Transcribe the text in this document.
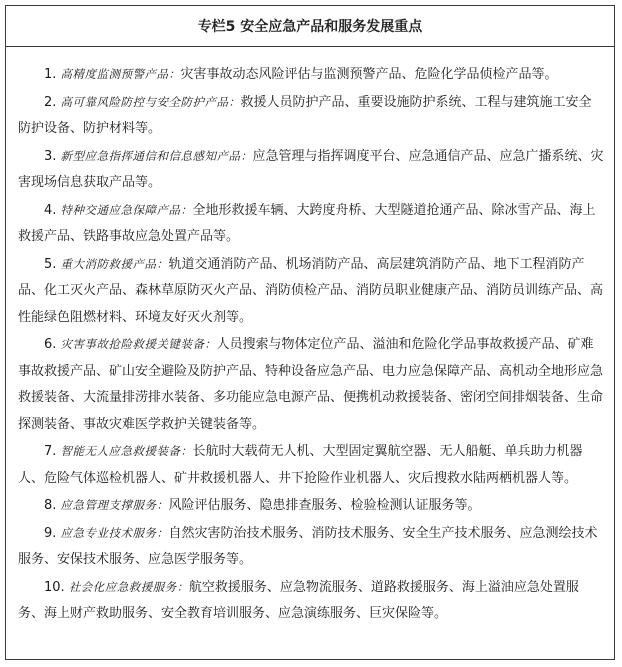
专栏5 安全应急产品和服务发展重点

1. 高精度监测预警产品：灾害事故动态风险评估与监测预警产品、危险化学品侦检产品等。

2. 高可靠风险防控与安全防护产品：救援人员防护产品、重要设施防护系统、工程与建筑施工安全防护设备、防护材料等。

3. 新型应急指挥通信和信息感知产品：应急管理与指挥调度平台、应急通信产品、应急广播系统、灾害现场信息获取产品等。

4. 特种交通应急保障产品：全地形救援车辆、大跨度舟桥、大型隧道抢通产品、除冰雪产品、海上救援产品、铁路事故应急处置产品等。

5. 重大消防救援产品：轨道交通消防产品、机场消防产品、高层建筑消防产品、地下工程消防产品、化工灭火产品、森林草原防灭火产品、消防侦检产品、消防员职业健康产品、消防员训练产品、高性能绿色阻燃材料、环境友好灭火剂等。

6. 灾害事故抢险救援关键装备：人员搜索与物体定位产品、溢油和危险化学品事故救援产品、矿难事故救援产品、矿山安全避险及防护产品、特种设备应急产品、电力应急保障产品、高机动全地形应急救援装备、大流量排涝排水装备、多功能应急电源产品、便携机动救援装备、密闭空间排烟装备、生命探测装备、事故灾难医学救护关键装备等。

7. 智能无人应急救援装备：长航时大载荷无人机、大型固定翼航空器、无人船艇、单兵助力机器人、危险气体巡检机器人、矿井救援机器人、井下抢险作业机器人、灾后搜救水陆两栖机器人等。

8. 应急管理支撑服务：风险评估服务、隐患排查服务、检验检测认证服务等。

9. 应急专业技术服务：自然灾害防治技术服务、消防技术服务、安全生产技术服务、应急测绘技术服务、安保技术服务、应急医学服务等。

10. 社会化应急救援服务：航空救援服务、应急物流服务、道路救援服务、海上溢油应急处置服务、海上财产救助服务、安全教育培训服务、应急演练服务、巨灾保险等。
